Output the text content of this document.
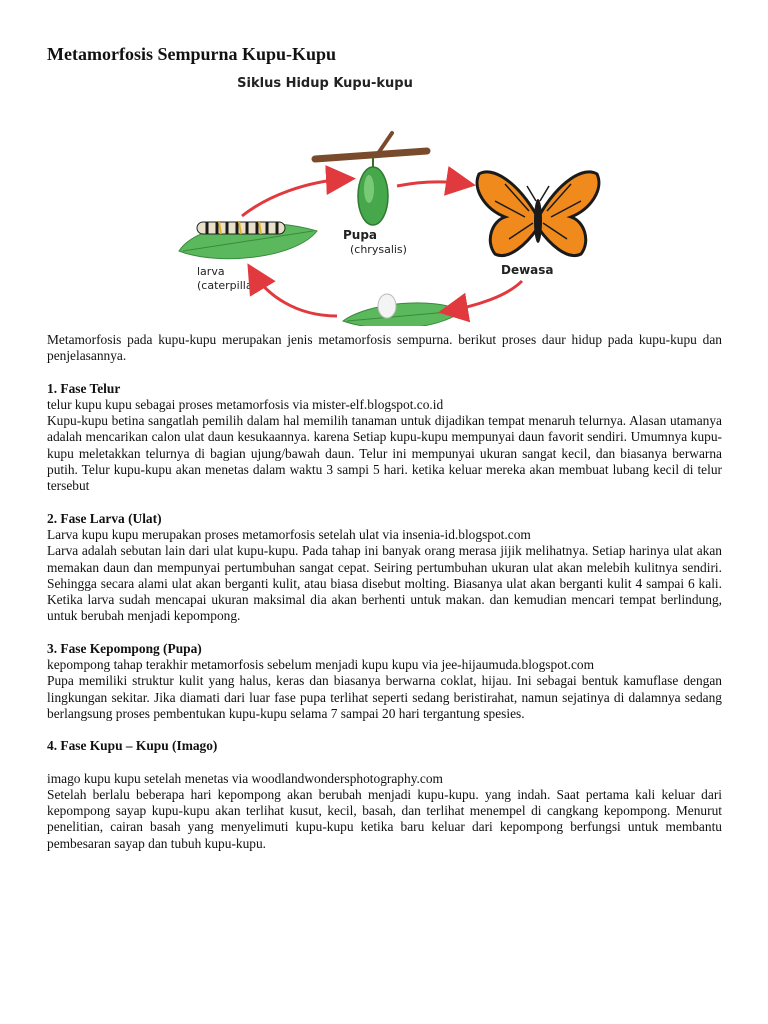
Metamorfosis Sempurna Kupu-Kupu
Siklus Hidup Kupu-kupu
Pupa
(chrysalis)
Dewasa
larva
(caterpillar)

Metamorfosis pada kupu-kupu merupakan jenis metamorfosis sempurna. berikut proses daur hidup pada kupu-kupu dan penjelasannya.

1. Fase Telur

telur kupu kupu sebagai proses metamorfosis via mister-elf.blogspot.co.id

Kupu-kupu betina sangatlah pemilih dalam hal memilih tanaman untuk dijadikan tempat menaruh telurnya. Alasan utamanya adalah mencarikan calon ulat daun kesukaannya. karena Setiap kupu-kupu mempunyai daun favorit sendiri. Umumnya kupu-kupu meletakkan telurnya di bagian ujung/bawah daun. Telur ini mempunyai ukuran sangat kecil, dan biasanya berwarna putih. Telur kupu-kupu akan menetas dalam waktu 3 sampi 5 hari. ketika keluar mereka akan membuat lubang kecil di telur tersebut

2. Fase Larva (Ulat)

Larva kupu kupu merupakan proses metamorfosis setelah ulat via insenia-id.blogspot.com

Larva adalah sebutan lain dari ulat kupu-kupu. Pada tahap ini banyak orang merasa jijik melihatnya. Setiap harinya ulat akan memakan daun dan mempunyai pertumbuhan sangat cepat. Seiring pertumbuhan ukuran ulat akan melebih kulitnya sendiri. Sehingga secara alami ulat akan berganti kulit, atau biasa disebut molting. Biasanya ulat akan berganti kulit 4 sampai 6 kali. Ketika larva sudah mencapai ukuran maksimal dia akan berhenti untuk makan. dan kemudian mencari tempat berlindung, untuk berubah menjadi kepompong.

3. Fase Kepompong (Pupa)

kepompong tahap terakhir metamorfosis sebelum menjadi kupu kupu via jee-hijaumuda.blogspot.com

Pupa memiliki struktur kulit yang halus, keras dan biasanya berwarna coklat, hijau. Ini sebagai bentuk kamuflase dengan lingkungan sekitar. Jika diamati dari luar fase pupa terlihat seperti sedang beristirahat, namun sejatinya di dalamnya sedang berlangsung proses pembentukan kupu-kupu selama 7 sampai 20 hari tergantung spesies.

4. Fase Kupu – Kupu (Imago)

imago kupu kupu setelah menetas via woodlandwondersphotography.com

Setelah berlalu beberapa hari kepompong akan berubah menjadi kupu-kupu. yang indah. Saat pertama kali keluar dari kepompong sayap kupu-kupu akan terlihat kusut, kecil, basah, dan terlihat menempel di cangkang kepompong. Menurut penelitian, cairan basah yang menyelimuti kupu-kupu ketika baru keluar dari kepompong berfungsi untuk membantu pembesaran sayap dan tubuh kupu-kupu.
